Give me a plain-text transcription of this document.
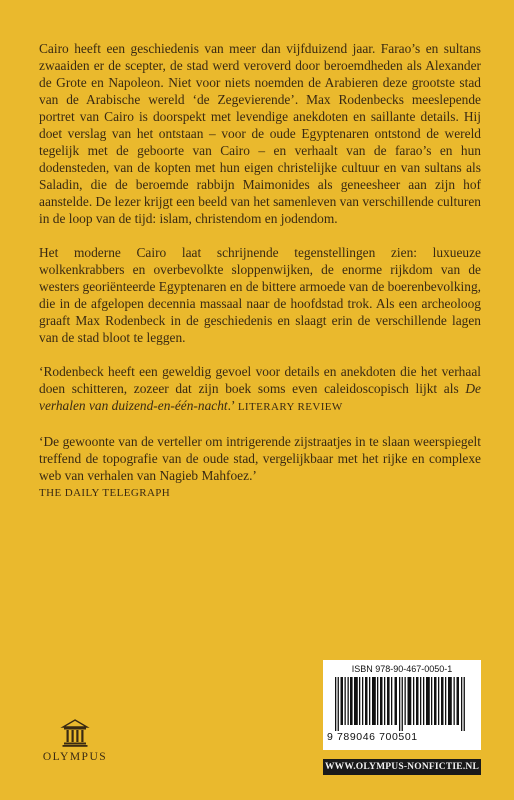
Cairo heeft een geschiedenis van meer dan vijfduizend jaar. Farao’s en sultans zwaaiden er de scepter, de stad werd veroverd door beroemdheden als Alexander de Grote en Napoleon. Niet voor niets noemden de Arabieren deze grootste stad van de Arabische wereld ‘de Zegevierende’. Max Rodenbecks meeslepende portret van Cairo is doorspekt met levendige anekdoten en saillante details. Hij doet verslag van het ontstaan – voor de oude Egyptenaren ontstond de wereld tegelijk met de geboorte van Cairo – en verhaalt van de farao’s en hun dodensteden, van de kopten met hun eigen christelijke cultuur en van sultans als Saladin, die de beroemde rabbijn Maimonides als geneesheer aan zijn hof aanstelde. De lezer krijgt een beeld van het samenleven van verschillende culturen in de loop van de tijd: islam, christendom en jodendom.

Het moderne Cairo laat schrijnende tegenstellingen zien: luxueuze wolkenkrabbers en overbevolkte sloppenwijken, de enorme rijkdom van de westers georiënteerde Egyptenaren en de bittere armoede van de boerenbevolking, die in de afgelopen decennia massaal naar de hoofdstad trok. Als een archeoloog graaft Max Rodenbeck in de geschiedenis en slaagt erin de verschillende lagen van de stad bloot te leggen.

‘Rodenbeck heeft een geweldig gevoel voor details en anekdoten die het verhaal doen schitteren, zozeer dat zijn boek soms even caleidoscopisch lijkt als De verhalen van duizend-en-één-nacht.’ LITERARY REVIEW

‘De gewoonte van de verteller om intrigerende zijstraatjes in te slaan weerspiegelt treffend de topografie van de oude stad, vergelijkbaar met het rijke en complexe web van verhalen van Nagieb Mahfoez.’
THE DAILY TELEGRAPH

OLYMPUS
ISBN 978-90-467-0050-1
9 789046 700501
WWW.OLYMPUS-NONFICTIE.NL
